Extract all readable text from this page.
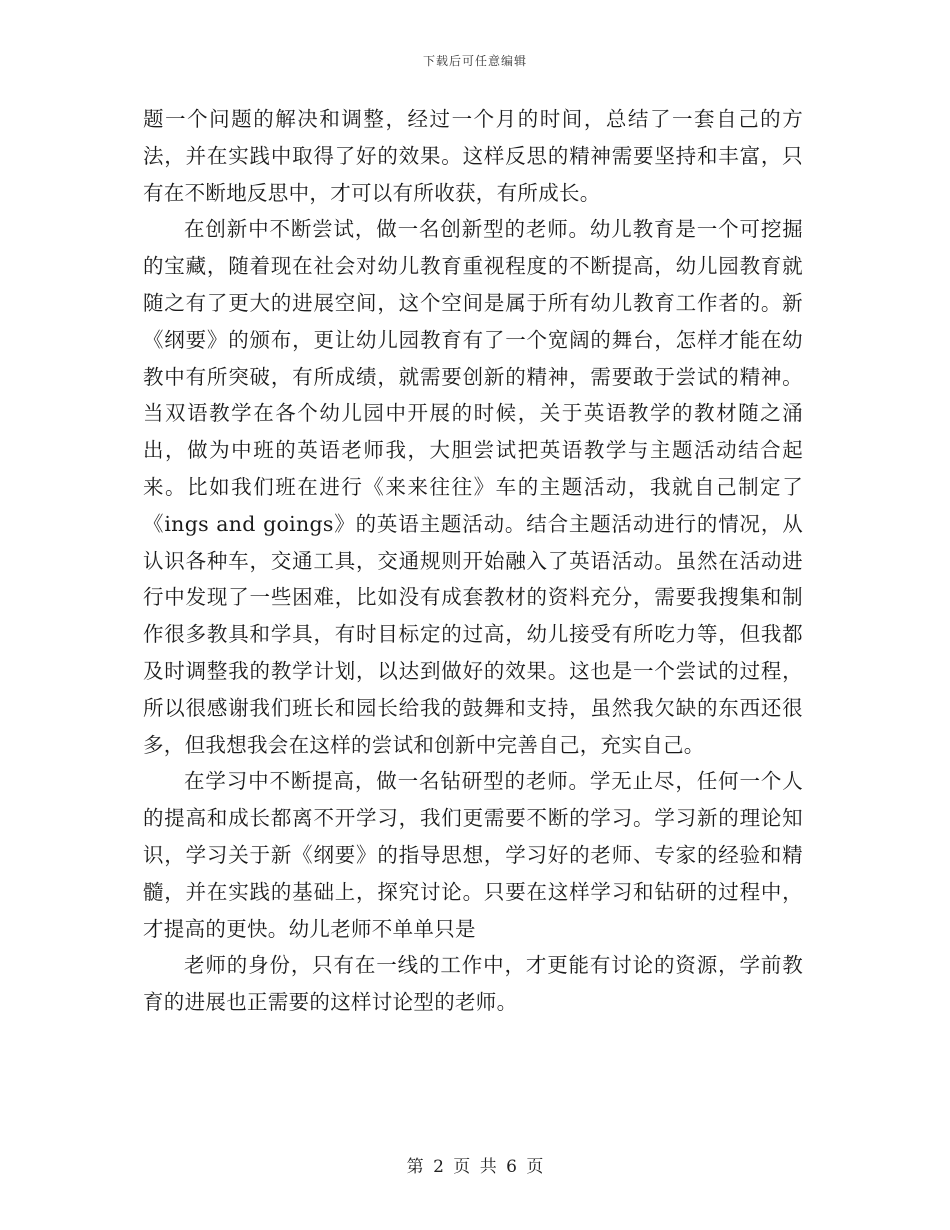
下载后可任意编辑

题一个问题的解决和调整，经过一个月的时间，总结了一套自己的方法，并在实践中取得了好的效果。这样反思的精神需要坚持和丰富，只有在不断地反思中，才可以有所收获，有所成长。

在创新中不断尝试，做一名创新型的老师。幼儿教育是一个可挖掘的宝藏，随着现在社会对幼儿教育重视程度的不断提高，幼儿园教育就随之有了更大的进展空间，这个空间是属于所有幼儿教育工作者的。新《纲要》的颁布，更让幼儿园教育有了一个宽阔的舞台，怎样才能在幼教中有所突破，有所成绩，就需要创新的精神，需要敢于尝试的精神。当双语教学在各个幼儿园中开展的时候，关于英语教学的教材随之涌出，做为中班的英语老师我，大胆尝试把英语教学与主题活动结合起来。比如我们班在进行《来来往往》车的主题活动，我就自己制定了《ings and goings》的英语主题活动。结合主题活动进行的情况，从认识各种车，交通工具，交通规则开始融入了英语活动。虽然在活动进行中发现了一些困难，比如没有成套教材的资料充分，需要我搜集和制作很多教具和学具，有时目标定的过高，幼儿接受有所吃力等，但我都及时调整我的教学计划，以达到做好的效果。这也是一个尝试的过程，所以很感谢我们班长和园长给我的鼓舞和支持，虽然我欠缺的东西还很多，但我想我会在这样的尝试和创新中完善自己，充实自己。

在学习中不断提高，做一名钻研型的老师。学无止尽，任何一个人的提高和成长都离不开学习，我们更需要不断的学习。学习新的理论知识，学习关于新《纲要》的指导思想，学习好的老师、专家的经验和精髓，并在实践的基础上，探究讨论。只要在这样学习和钻研的过程中，才提高的更快。幼儿老师不单单只是

老师的身份，只有在一线的工作中，才更能有讨论的资源，学前教育的进展也正需要的这样讨论型的老师。

第 2 页 共 6 页
